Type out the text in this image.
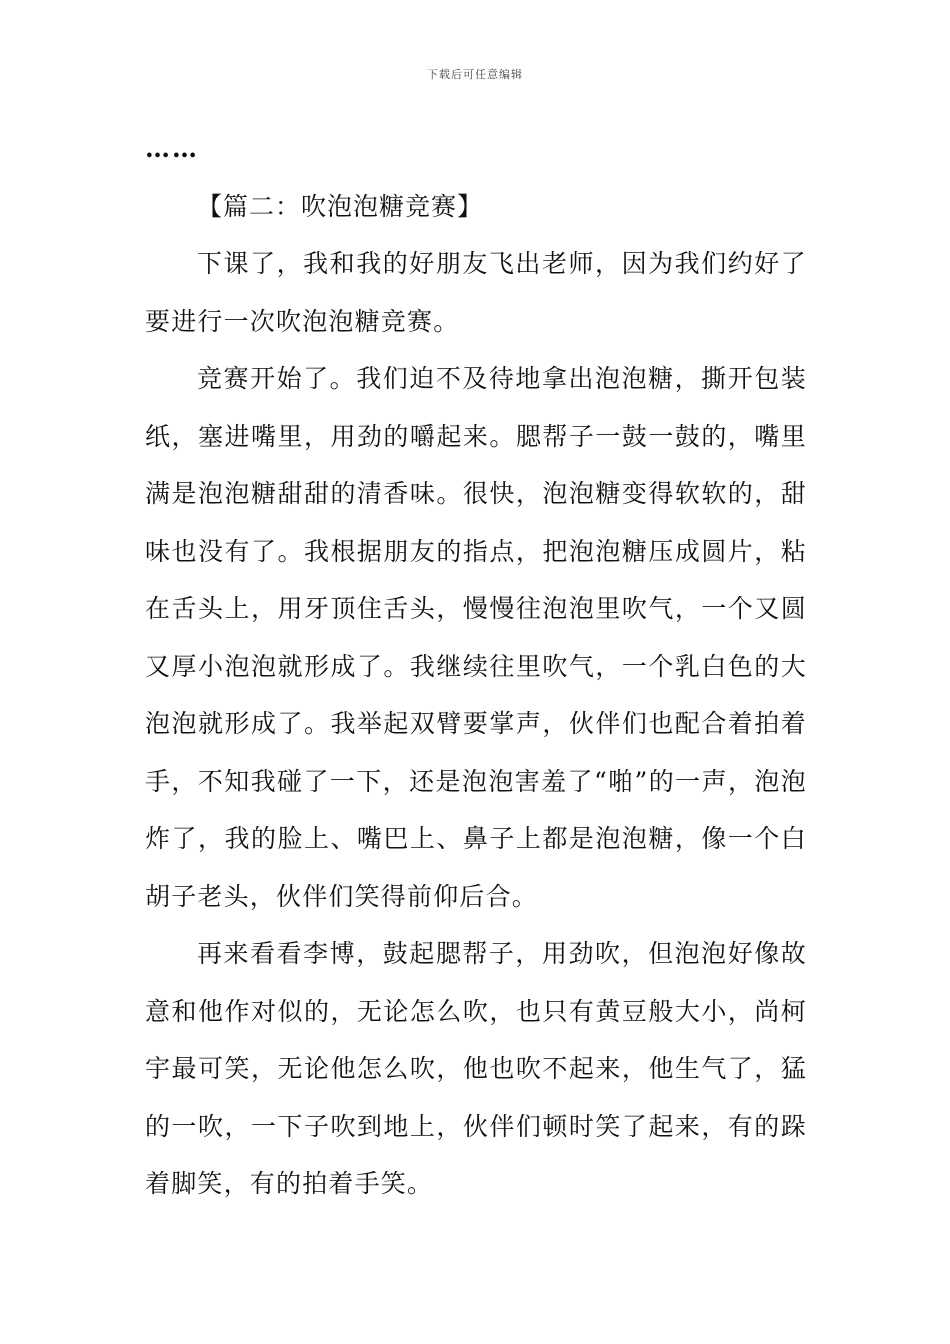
下载后可任意编辑

……

【篇二：吹泡泡糖竞赛】

下课了，我和我的好朋友飞出老师，因为我们约好了要进行一次吹泡泡糖竞赛。

竞赛开始了。我们迫不及待地拿出泡泡糖，撕开包装纸，塞进嘴里，用劲的嚼起来。腮帮子一鼓一鼓的，嘴里满是泡泡糖甜甜的清香味。很快，泡泡糖变得软软的，甜味也没有了。我根据朋友的指点，把泡泡糖压成圆片，粘在舌头上，用牙顶住舌头，慢慢往泡泡里吹气，一个又圆又厚小泡泡就形成了。我继续往里吹气，一个乳白色的大泡泡就形成了。我举起双臂要掌声，伙伴们也配合着拍着手，不知我碰了一下，还是泡泡害羞了“啪”的一声，泡泡炸了，我的脸上、嘴巴上、鼻子上都是泡泡糖，像一个白胡子老头，伙伴们笑得前仰后合。

再来看看李博，鼓起腮帮子，用劲吹，但泡泡好像故意和他作对似的，无论怎么吹，也只有黄豆般大小，尚柯宇最可笑，无论他怎么吹，他也吹不起来，他生气了，猛的一吹，一下子吹到地上，伙伴们顿时笑了起来，有的跺着脚笑，有的拍着手笑。
